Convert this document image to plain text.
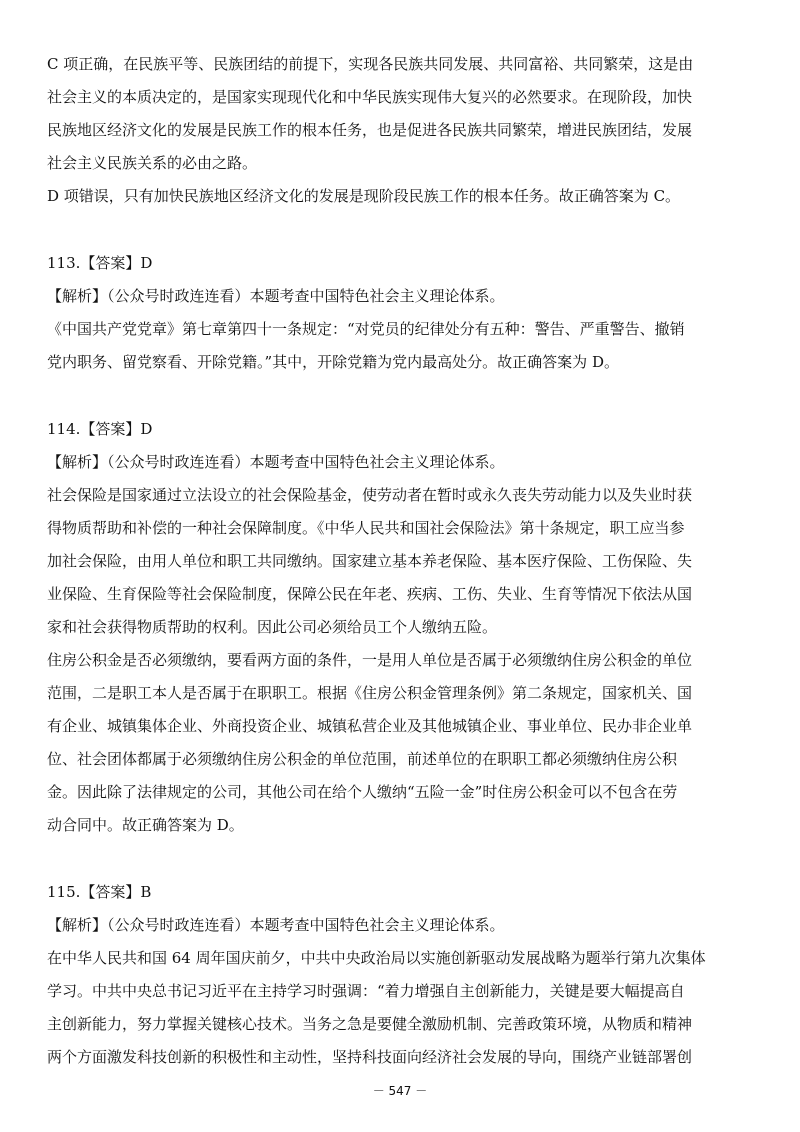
C 项正确，在民族平等、民族团结的前提下，实现各民族共同发展、共同富裕、共同繁荣，这是由
社会主义的本质决定的，是国家实现现代化和中华民族实现伟大复兴的必然要求。在现阶段，加快
民族地区经济文化的发展是民族工作的根本任务，也是促进各民族共同繁荣，增进民族团结，发展
社会主义民族关系的必由之路。
D 项错误，只有加快民族地区经济文化的发展是现阶段民族工作的根本任务。故正确答案为 C。
113.【答案】D
【解析】（公众号时政连连看）本题考查中国特色社会主义理论体系。
《中国共产党党章》第七章第四十一条规定：“对党员的纪律处分有五种：警告、严重警告、撤销
党内职务、留党察看、开除党籍。”其中，开除党籍为党内最高处分。故正确答案为 D。
114.【答案】D
【解析】（公众号时政连连看）本题考查中国特色社会主义理论体系。
社会保险是国家通过立法设立的社会保险基金，使劳动者在暂时或永久丧失劳动能力以及失业时获
得物质帮助和补偿的一种社会保障制度。《中华人民共和国社会保险法》第十条规定，职工应当参
加社会保险，由用人单位和职工共同缴纳。国家建立基本养老保险、基本医疗保险、工伤保险、失
业保险、生育保险等社会保险制度，保障公民在年老、疾病、工伤、失业、生育等情况下依法从国
家和社会获得物质帮助的权利。因此公司必须给员工个人缴纳五险。
住房公积金是否必须缴纳，要看两方面的条件，一是用人单位是否属于必须缴纳住房公积金的单位
范围，二是职工本人是否属于在职职工。根据《住房公积金管理条例》第二条规定，国家机关、国
有企业、城镇集体企业、外商投资企业、城镇私营企业及其他城镇企业、事业单位、民办非企业单
位、社会团体都属于必须缴纳住房公积金的单位范围，前述单位的在职职工都必须缴纳住房公积
金。因此除了法律规定的公司，其他公司在给个人缴纳“五险一金”时住房公积金可以不包含在劳
动合同中。故正确答案为 D。
115.【答案】B
【解析】（公众号时政连连看）本题考查中国特色社会主义理论体系。
在中华人民共和国 64 周年国庆前夕，中共中央政治局以实施创新驱动发展战略为题举行第九次集体
学习。中共中央总书记习近平在主持学习时强调：“着力增强自主创新能力，关键是要大幅提高自
主创新能力，努力掌握关键核心技术。当务之急是要健全激励机制、完善政策环境，从物质和精神
两个方面激发科技创新的积极性和主动性，坚持科技面向经济社会发展的导向，围绕产业链部署创
－ 547 －
